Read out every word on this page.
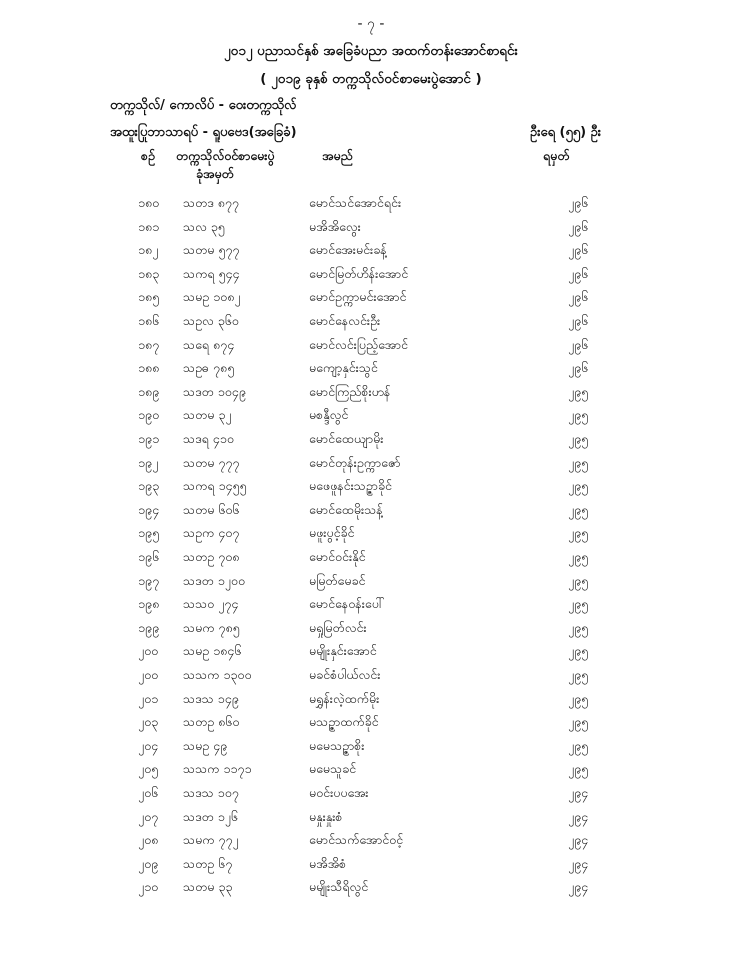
- ၇ -
၂၀၁၂ ပညာသင်နှစ် အခြေခံပညာ အထက်တန်းအောင်စာရင်း
( ၂၀၁၉ ခုနှစ် တက္ကသိုလ်ဝင်စာမေးပွဲအောင် )
တက္ကသိုလ်/ ကောလိပ် - ဝေးတက္ကသိုလ်
အထူးပြုဘာသာရပ် - ရူပဗေဒ(အခြေခံ)	ဦးရေ (၅၅) ဦး
စဉ် တက္ကသိုလ်ဝင်စာမေးပွဲ
ခုံအမှတ်
အမည်	ရမှတ်
၁၈၀ သတဒ ၈၇၇	မောင်သင်အောင်ရင်း	၂၉၆
၁၈၁ သလ ၃၅	မအိအိလွေး	၂၉၆
၁၈၂ သတမ ၅၇၇	မောင်အေးမင်းခန့်	၂၉၆
၁၈၃ သကရ ၅၄၄	မောင်မြတ်ဟိန်းအောင်	၂၉၆
၁၈၅ သမဥ ၁၀၈၂	မောင်ဥက္ကာမင်းအောင်	၂၉၆
၁၈၆ သဥလ ၃၆၀	မောင်နေလင်းဦး	၂၉၆
၁၈၇ သရေ ၈၇၄	မောင်လင်းပြည့်အောင်	၂၉၆
၁၈၈ သဥဓ ၇၈၅	မကျော့နှင်းသွင်	၂၉၆
၁၈၉ သဒတ ၁၀၄၉	မောင်ကြည်စိုးဟန်	၂၉၅
၁၉၀ သတမ ၃၂	မစန္ဒီလွင်	၂၉၅
၁၉၁ သဒရ ၄၁၀	မောင်ထေယျာမိုး	၂၉၅
၁၉၂ သတမ ၇၇၇	မောင်တုန်းဥက္ကာဇော်	၂၉၅
၁၉၃ သကရ ၁၄၅၅	မဖေဖူနင်းသဉ္ဇာခိုင်	၂၉၅
၁၉၄ သတမ ၆၀၆	မောင်ထေမိုးသန့်	၂၉၅
၁၉၅ သဥက ၄၀၇	မဖူးပွင့်ခိုင်	၂၉၅
၁၉၆ သတဥ ၇၀၈	မောင်ဝင်းနိုင်	၂၉၅
၁၉၇ သဒတ ၁၂၀၀	မမြတ်မေခင်	၂၉၅
၁၉၈ သသဝ ၂၇၄	မောင်နေဝန်းပေါ်	၂၉၅
၁၉၉ သမက ၇၈၅	မရှုမြတ်လင်း	၂၉၅
၂၀၀ သမဥ ၁၈၄၆	မမျိုးနှင်းအောင်	၂၉၅
၂၀၀ သသက ၁၃၀၀	မခင်စံပါယ်လင်း	၂၉၅
၂၀၁ သဒသ ၁၄၉	မရွှန်းလဲ့ထက်မိုး	၂၉၅
၂၀၃ သတဥ ၈၆၀	မသဥ္ဇာထက်ခိုင်	၂၉၅
၂၀၄ သမဥ ၄၉	မမေသဥ္ဇာစိုး	၂၉၅
၂၀၅ သသက ၁၁၇၁	မမေသူခင်	၂၉၅
၂၀၆ သဒသ ၁၀၇	မဝင်းပပအေး	၂၉၄
၂၀၇ သဒတ ၁၂၆	မနှုးနှုးစံ	၂၉၄
၂၀၈ သမက ၇၇၂	မောင်သက်အောင်ဝင့်	၂၉၄
၂၀၉ သတဥ ၆၇	မအိအိစံ	၂၉၄
၂၁၀ သတမ ၃၃	မမျိုးသီရိလွင်	၂၉၄
